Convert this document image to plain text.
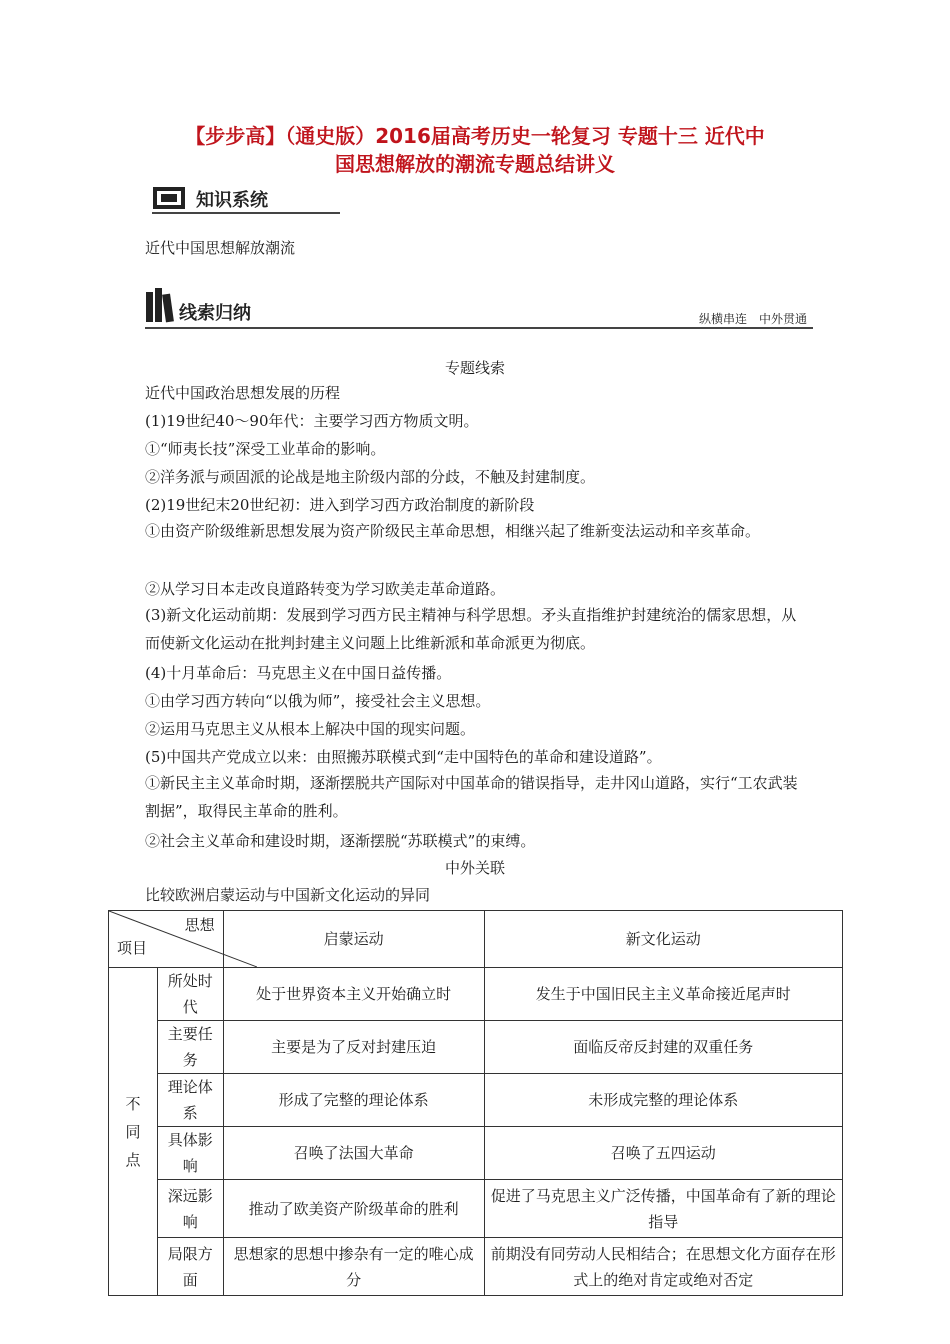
【步步高】（通史版）2016届高考历史一轮复习 专题十三 近代中
国思想解放的潮流专题总结讲义
知识系统
近代中国思想解放潮流
线索归纳	纵横串连　中外贯通
专题线索
近代中国政治思想发展的历程
(1)19世纪40～90年代：主要学习西方物质文明。
①“师夷长技”深受工业革命的影响。
②洋务派与顽固派的论战是地主阶级内部的分歧，不触及封建制度。
(2)19世纪末20世纪初：进入到学习西方政治制度的新阶段
①由资产阶级维新思想发展为资产阶级民主革命思想，相继兴起了维新变法运动和辛亥革命。
②从学习日本走改良道路转变为学习欧美走革命道路。
(3)新文化运动前期：发展到学习西方民主精神与科学思想。矛头直指维护封建统治的儒家思想，从而使新文化运动在批判封建主义问题上比维新派和革命派更为彻底。
(4)十月革命后：马克思主义在中国日益传播。
①由学习西方转向“以俄为师”，接受社会主义思想。
②运用马克思主义从根本上解决中国的现实问题。
(5)中国共产党成立以来：由照搬苏联模式到“走中国特色的革命和建设道路”。
①新民主主义革命时期，逐渐摆脱共产国际对中国革命的错误指导，走井冈山道路，实行“工农武装割据”，取得民主革命的胜利。
②社会主义革命和建设时期，逐渐摆脱“苏联模式”的束缚。
中外关联
比较欧洲启蒙运动与中国新文化运动的异同
思想
项目		启蒙运动	新文化运动
不同点	所处时代	处于世界资本主义开始确立时	发生于中国旧民主主义革命接近尾声时
	主要任务	主要是为了反对封建压迫	面临反帝反封建的双重任务
	理论体系	形成了完整的理论体系	未形成完整的理论体系
	具体影响	召唤了法国大革命	召唤了五四运动
	深远影响	推动了欧美资产阶级革命的胜利	促进了马克思主义广泛传播，中国革命有了新的理论指导
	局限方面	思想家的思想中掺杂有一定的唯心成分	前期没有同劳动人民相结合；在思想文化方面存在形式上的绝对肯定或绝对否定
